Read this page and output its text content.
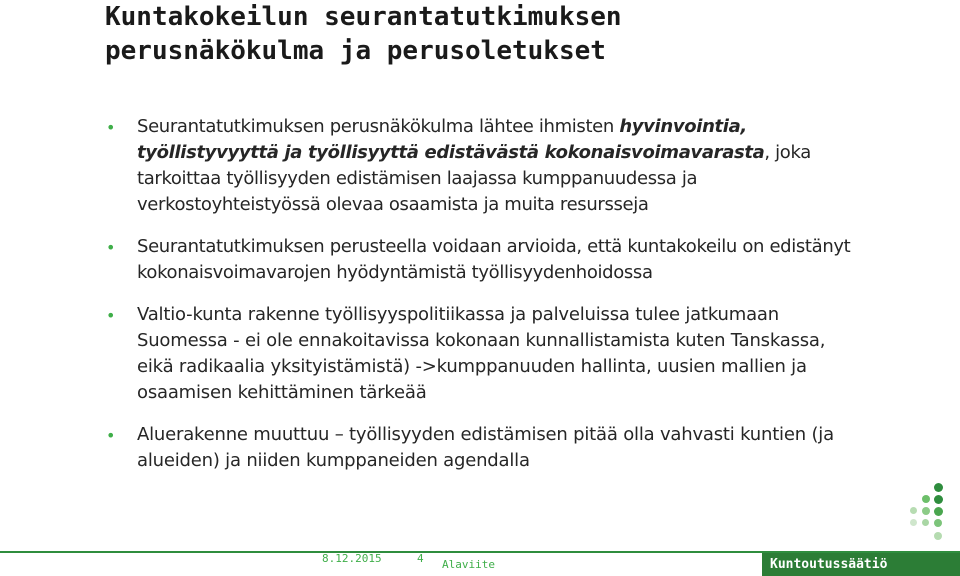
Kuntakokeilun seurantatutkimuksen
perusnäkökulma ja perusoletukset
• Seurantatutkimuksen perusnäkökulma lähtee ihmisten hyvinvointia, työllistyvyyttä ja työllisyyttä edistävästä kokonaisvoimavarasta, joka tarkoittaa työllisyyden edistämisen laajassa kumppanuudessa ja verkostoyhteistyössä olevaa osaamista ja muita resursseja
• Seurantatutkimuksen perusteella voidaan arvioida, että kuntakokeilu on edistänyt kokonaisvoimavarojen hyödyntämistä työllisyydenhoidossa
• Valtio-kunta rakenne työllisyyspolitiikassa ja palveluissa tulee jatkumaan Suomessa - ei ole ennakoitavissa kokonaan kunnallistamista kuten Tanskassa, eikä radikaalia yksityistämistä) ->kumppanuuden hallinta, uusien mallien ja osaamisen kehittäminen tärkeää
• Aluerakenne muuttuu – työllisyyden edistämisen pitää olla vahvasti kuntien (ja alueiden) ja niiden kumppaneiden agendalla
8.12.2015	4 Alaviite	Kuntoutussäätiö
